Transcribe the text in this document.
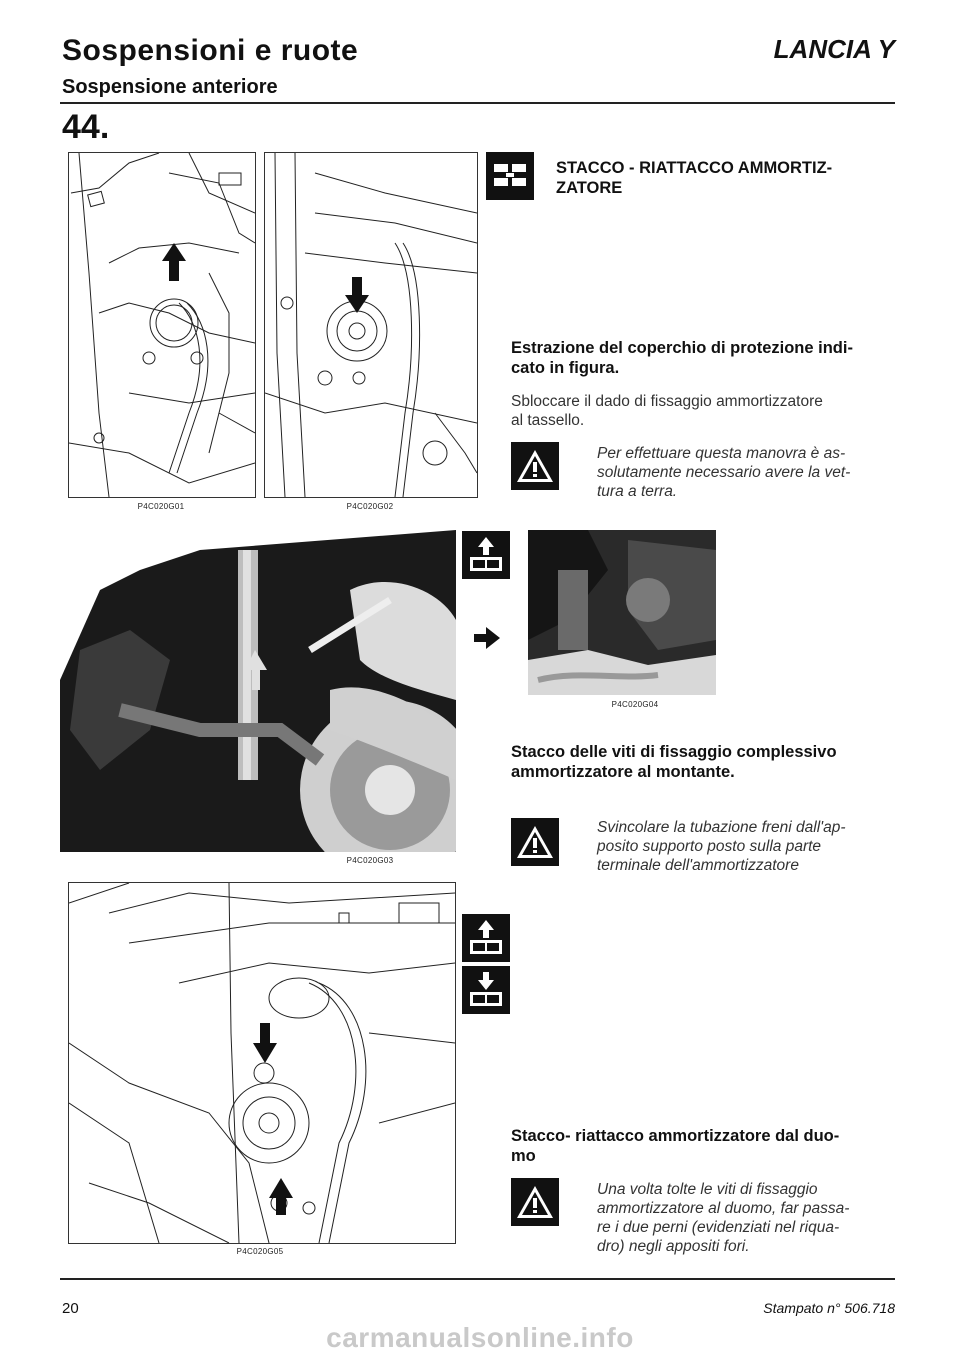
Sospensioni e ruote
Sospensione anteriore
LANCIA Y
44.
P4C020G01	P4C020G02
STACCO - RIATTACCO AMMORTIZ-
ZATORE
Estrazione del coperchio di protezione indi-
cato in figura.
Sbloccare il dado di fissaggio ammortizzatore
al tassello.
Per effettuare questa manovra è as-
solutamente necessario avere la vet-
tura a terra.
P4C020G03
P4C020G04
Stacco delle viti di fissaggio complessivo
ammortizzatore al montante.
Svincolare la tubazione freni dall'ap-
posito supporto posto sulla parte
terminale dell'ammortizzatore
P4C020G05
Stacco- riattacco ammortizzatore dal duo-
mo
Una volta tolte le viti di fissaggio
ammortizzatore al duomo, far passa-
re i due perni (evidenziati nel riqua-
dro) negli appositi fori.
20	Stampato n° 506.718
carmanualsonline.info
